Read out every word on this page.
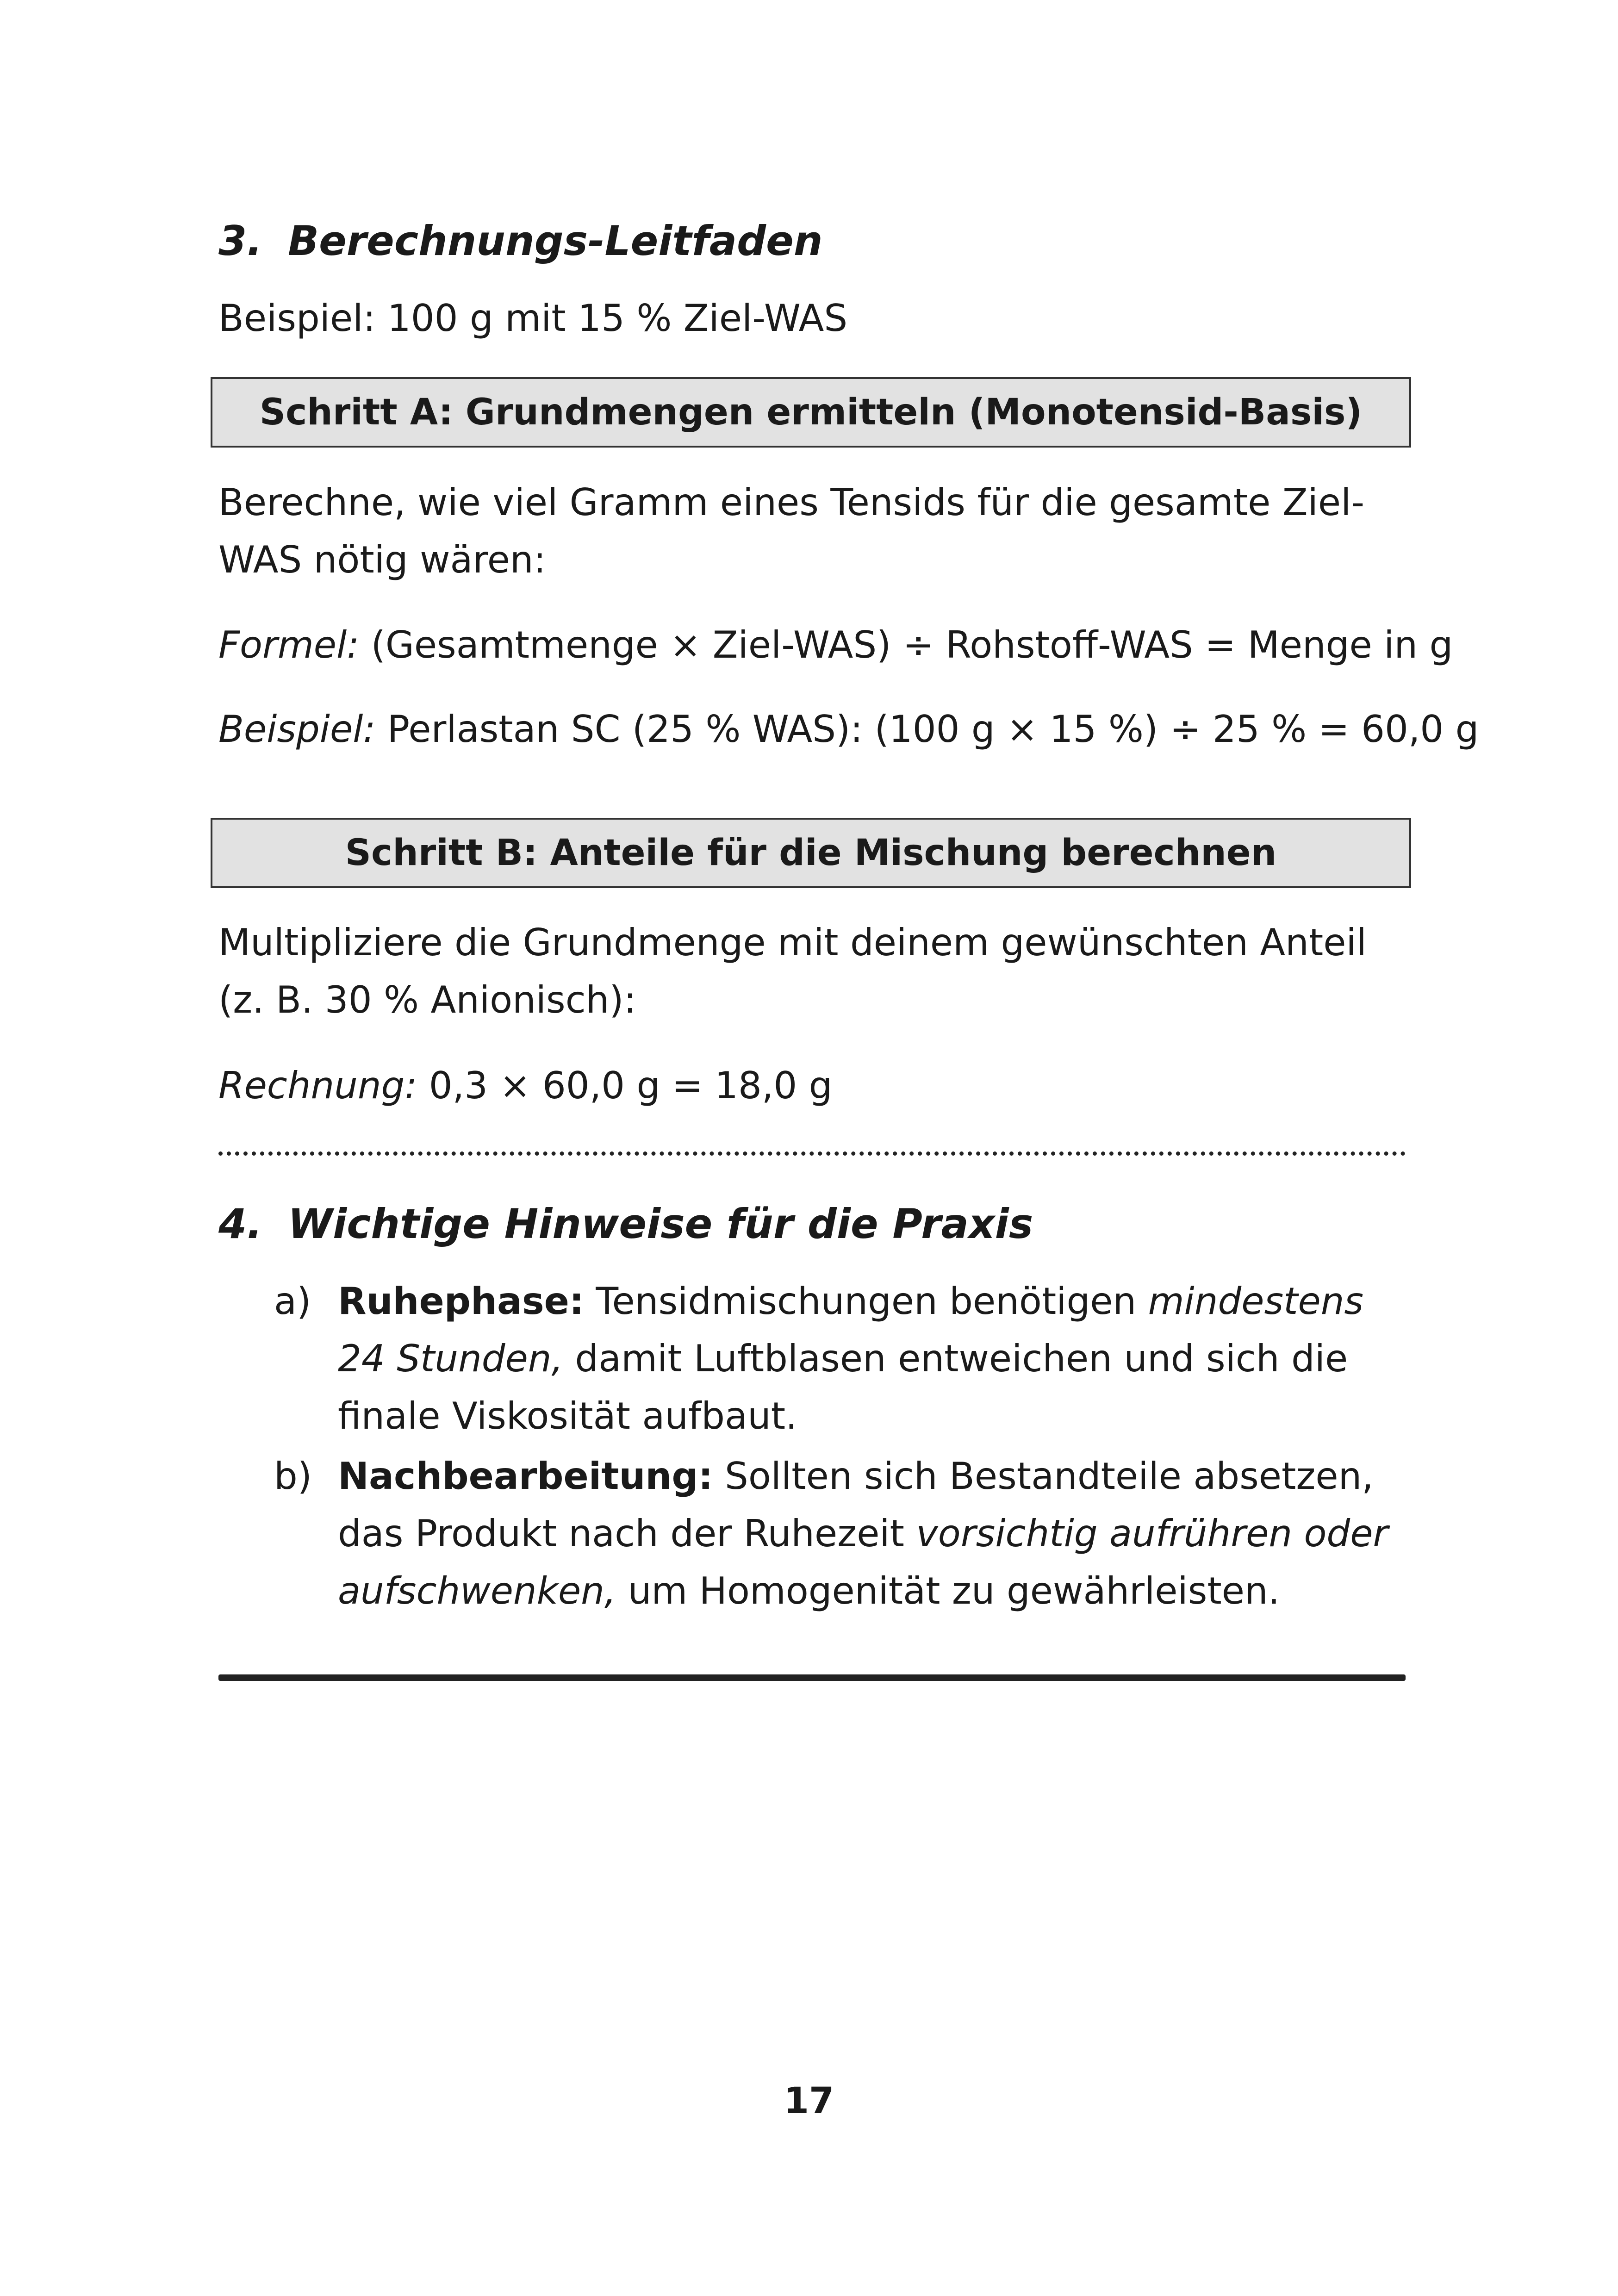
3. Berechnungs-Leitfaden

Beispiel: 100 g mit 15 % Ziel-WAS

Schritt A: Grundmengen ermitteln (Monotensid-Basis)

Berechne, wie viel Gramm eines Tensids für die gesamte Ziel-WAS nötig wären:

Formel: (Gesamtmenge × Ziel-WAS) ÷ Rohstoff-WAS = Menge in g

Beispiel: Perlastan SC (25 % WAS): (100 g × 15 %) ÷ 25 % = 60,0 g

Schritt B: Anteile für die Mischung berechnen

Multipliziere die Grundmenge mit deinem gewünschten Anteil (z. B. 30 % Anionisch):

Rechnung: 0,3 × 60,0 g = 18,0 g

4. Wichtige Hinweise für die Praxis
a) Ruhephase: Tensidmischungen benötigen mindestens 24 Stunden, damit Luftblasen entweichen und sich die finale Viskosität aufbaut.
b) Nachbearbeitung: Sollten sich Bestandteile absetzen, das Produkt nach der Ruhezeit vorsichtig aufrühren oder aufschwenken, um Homogenität zu gewährleisten.
17
